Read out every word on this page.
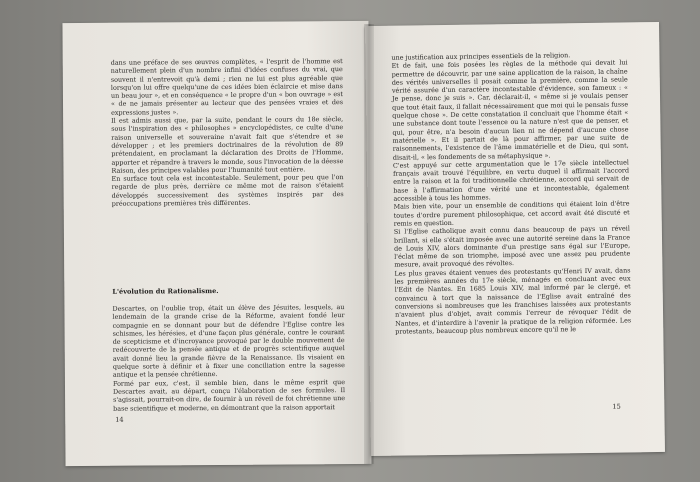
dans une préface de ses œuvres complètes, « l'esprit de l'homme est naturellement plein d'un nombre infini d'idées confuses du vrai, que souvent il n'entrevoit qu'à demi ; rien ne lui est plus agréable que lorsqu'on lui offre quelqu'une de ces idées bien éclaircie et mise dans un beau jour », et en conséquence « le propre d'un « bon ouvrage » est « de ne jamais présenter au lecteur que des pensées vraies et des expressions justes ».
Il est admis aussi que, par la suite, pendant le cours du 18e siècle, sous l'inspiration des « philosophes » encyclopédistes, ce culte d'une raison universelle et souveraine n'avait fait que s'étendre et se développer ; et les premiers doctrinaires de la révolution de 89 prétendaient, en proclamant la déclaration des Droits de l'Homme, apporter et répandre à travers le monde, sous l'invocation de la déesse Raison, des principes valables pour l'humanité tout entière.
En surface tout cela est incontestable. Seulement, pour peu que l'on regarde de plus près, derrière ce même mot de raison s'étaient développés successivement des systèmes inspirés par des préoccupations premières très différentes.
L'évolution du Rationalisme.
Descartes, on l'oublie trop, était un élève des Jésuites, lesquels, au lendemain de la grande crise de la Réforme, avaient fondé leur compagnie en se donnant pour but de défendre l'Eglise contre les schismes, les hérésies, et d'une façon plus générale, contre le courant de scepticisme et d'incroyance provoqué par le double mouvement de redécouverte de la pensée antique et de progrès scientifique auquel avait donné lieu la grande fièvre de la Renaissance. Ils visaient en quelque sorte à définir et à fixer une conciliation entre la sagesse antique et la pensée chrétienne.
Formé par eux, c'est, il semble bien, dans le même esprit que Descartes avait, au départ, conçu l'élaboration de ses formules. Il s'agissait, pourrait-on dire, de fournir à un réveil de foi chrétienne une base scientifique et moderne, en démontrant que la raison apportait
14
une justification aux principes essentiels de la religion.
Et de fait, une fois posées les règles de la méthode qui devait lui permettre de découvrir, par une saine application de la raison, la chaîne des vérités universelles il posait comme la première, comme la seule vérité assurée d'un caractère incontestable d'évidence, son fameux : « Je pense, donc je suis ». Car, déclarait-il, « même si je voulais penser que tout était faux, il fallait nécessairement que moi qui le pensais fusse quelque chose ». De cette constatation il concluait que l'homme était « une substance dont toute l'essence ou la nature n'est que de penser, et qui, pour être, n'a besoin d'aucun lien ni ne dépend d'aucune chose matérielle ». Et il partait de là pour affirmer, par une suite de raisonnements, l'existence de l'âme immatérielle et de Dieu, qui sont, disait-il, « les fondements de sa métaphysique ».
C'est appuyé sur cette argumentation que le 17e siècle intellectuel français avait trouvé l'équilibre, en vertu duquel il affirmait l'accord entre la raison et la foi traditionnelle chrétienne, accord qui servait de base à l'affirmation d'une vérité une et incontestable, également accessible à tous les hommes.
Mais bien vite, pour un ensemble de conditions qui étaient loin d'être toutes d'ordre purement philosophique, cet accord avait été discuté et remis en question.
Si l'Eglise catholique avait connu dans beaucoup de pays un réveil brillant, si elle s'était imposée avec une autorité sereine dans la France de Louis XIV, alors dominante d'un prestige sans égal sur l'Europe, l'éclat même de son triomphe, imposé avec une assez peu prudente mesure, avait provoqué des révoltes.
Les plus graves étaient venues des protestants qu'Henri IV avait, dans les premières années du 17e siècle, ménagés en concluant avec eux l'Edit de Nantes. En 1685 Louis XIV, mal informé par le clergé, et convaincu à tort que la naissance de l'Eglise avait entraîné des conversions si nombreuses que les franchises laissées aux protestants n'avaient plus d'objet, avait commis l'erreur de révoquer l'édit de Nantes, et d'interdire à l'avenir la pratique de la religion réformée. Les protestants, beaucoup plus nombreux encore qu'il ne le
15
